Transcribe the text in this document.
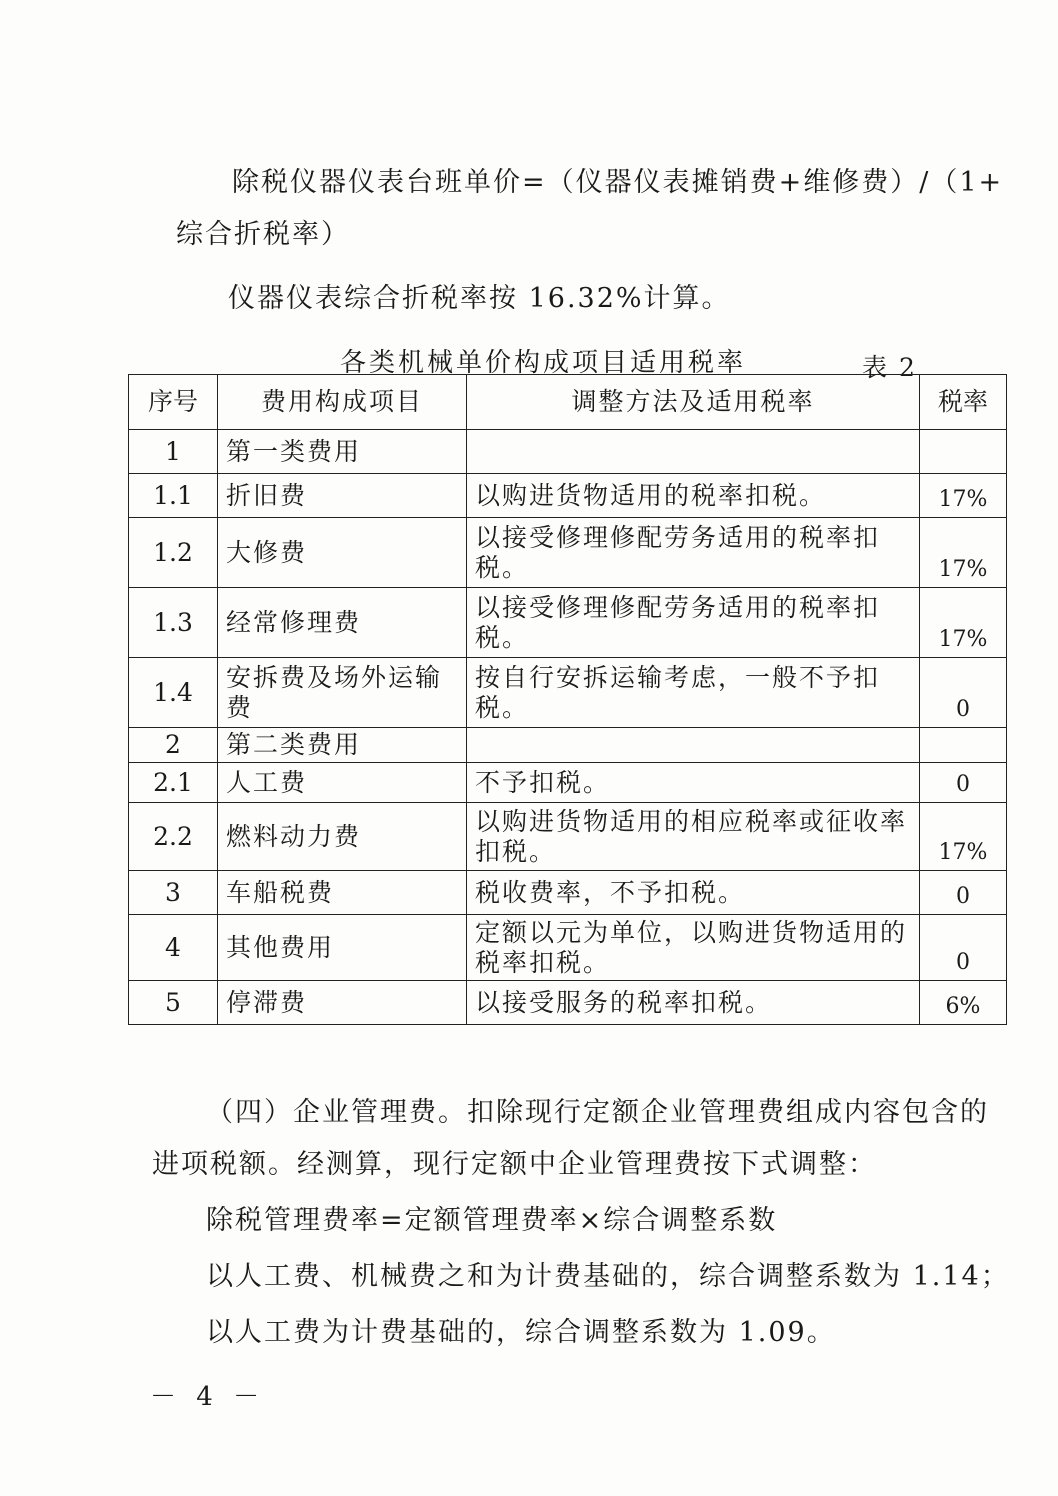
除税仪器仪表台班单价=（仪器仪表摊销费+维修费）/（1+
综合折税率）
仪器仪表综合折税率按 16.32%计算。
各类机械单价构成项目适用税率	表 2
序号	费用构成项目	调整方法及适用税率	税率
1	第一类费用		
1.1	折旧费	以购进货物适用的税率扣税。	17%
1.2	大修费	以接受修理修配劳务适用的税率扣税。	17%
1.3	经常修理费	以接受修理修配劳务适用的税率扣税。	17%
1.4	安拆费及场外运输费	按自行安拆运输考虑，一般不予扣税。	0
2	第二类费用		
2.1	人工费	不予扣税。	0
2.2	燃料动力费	以购进货物适用的相应税率或征收率扣税。	17%
3	车船税费	税收费率，不予扣税。	0
4	其他费用	定额以元为单位，以购进货物适用的税率扣税。	0
5	停滞费	以接受服务的税率扣税。	6%
（四）企业管理费。扣除现行定额企业管理费组成内容包含的
进项税额。经测算，现行定额中企业管理费按下式调整：
除税管理费率=定额管理费率×综合调整系数
以人工费、机械费之和为计费基础的，综合调整系数为 1.14；
以人工费为计费基础的，综合调整系数为 1.09。
－ 4 －
